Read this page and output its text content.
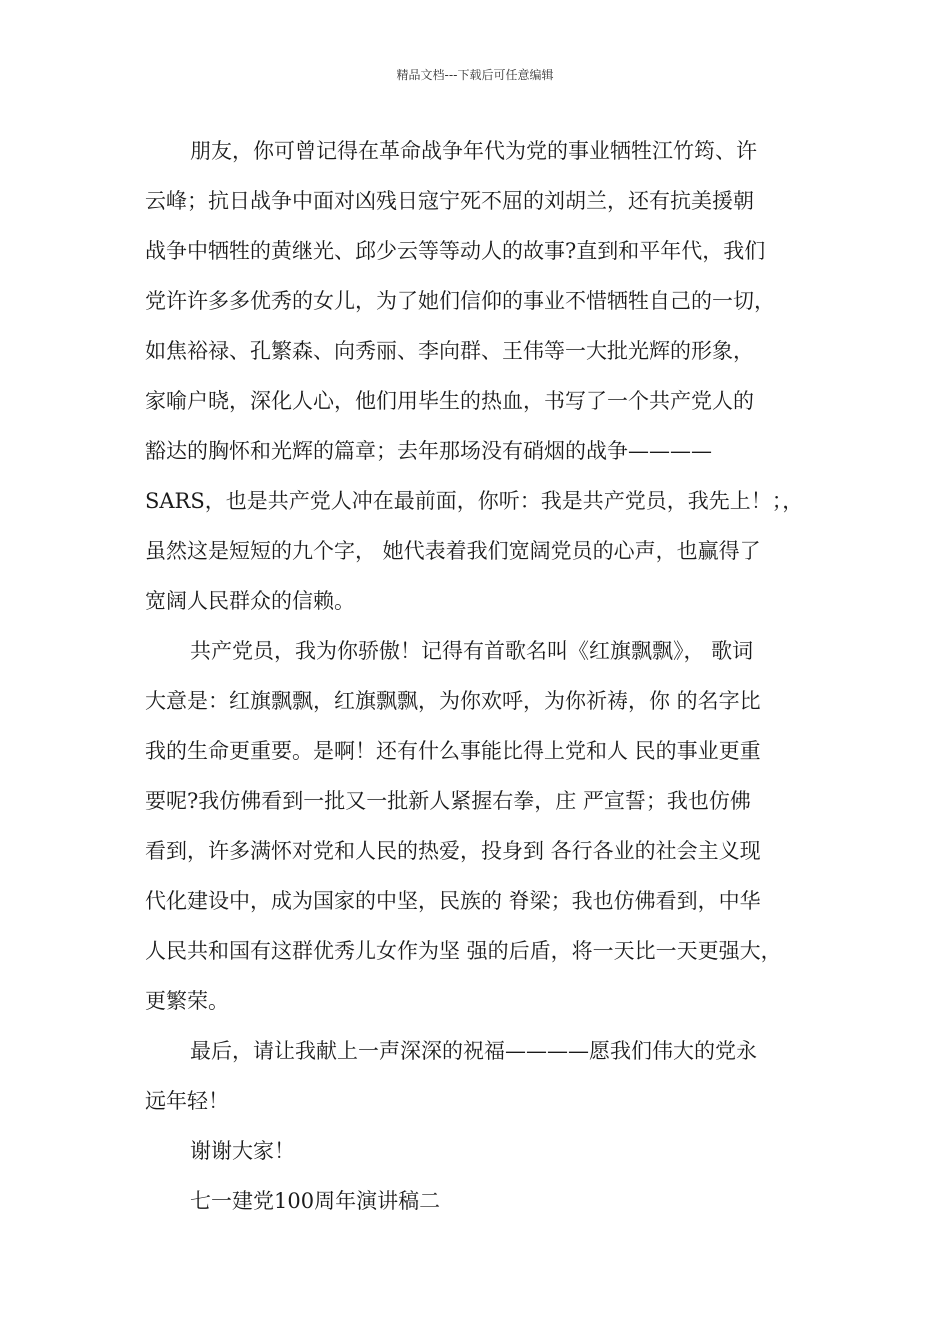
精品文档---下载后可任意编辑
朋友，你可曾记得在革命战争年代为党的事业牺牲江竹筠、许
云峰；抗日战争中面对凶残日寇宁死不屈的刘胡兰，还有抗美援朝
战争中牺牲的黄继光、邱少云等等动人的故事?直到和平年代，我们
党许许多多优秀的女儿，为了她们信仰的事业不惜牺牲自己的一切，
如焦裕禄、孔繁森、向秀丽、李向群、王伟等一大批光辉的形象，
家喻户晓，深化人心，他们用毕生的热血，书写了一个共产党人的
豁达的胸怀和光辉的篇章；去年那场没有硝烟的战争————
SARS，也是共产党人冲在最前面，你听：我是共产党员，我先上！；，
虽然这是短短的九个字， 她代表着我们宽阔党员的心声，也赢得了
宽阔人民群众的信赖。
共产党员，我为你骄傲！记得有首歌名叫《红旗飘飘》， 歌词
大意是：红旗飘飘，红旗飘飘，为你欢呼，为你祈祷，你 的名字比
我的生命更重要。是啊！还有什么事能比得上党和人 民的事业更重
要呢?我仿佛看到一批又一批新人紧握右拳，庄 严宣誓；我也仿佛
看到，许多满怀对党和人民的热爱，投身到 各行各业的社会主义现
代化建设中，成为国家的中坚，民族的 脊梁；我也仿佛看到，中华
人民共和国有这群优秀儿女作为坚 强的后盾，将一天比一天更强大，
更繁荣。
最后，请让我献上一声深深的祝福————愿我们伟大的党永
远年轻！
谢谢大家！
七一建党100周年演讲稿二
